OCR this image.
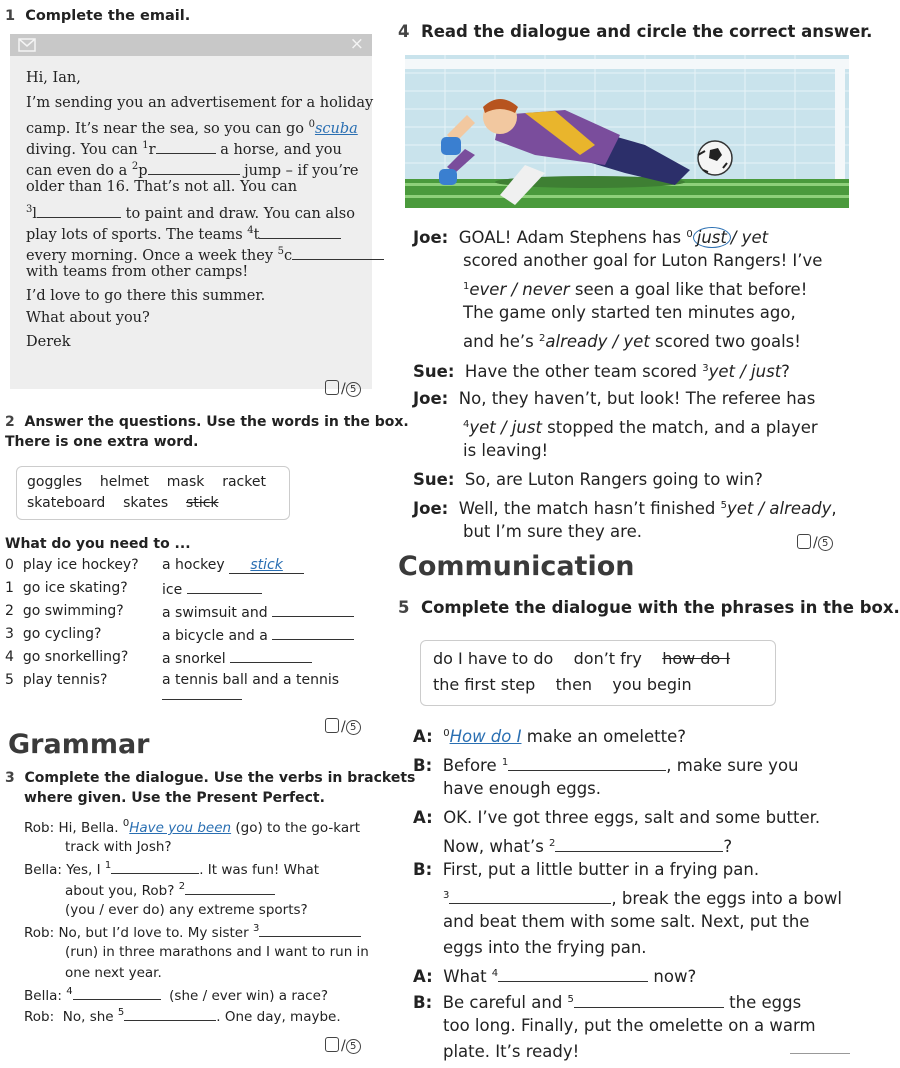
1 Complete the email.
×
Hi, Ian,
I’m sending you an advertisement for a holiday
camp. It’s near the sea, so you can go $^0$scuba
diving. You can $^1$r	a horse, and you
can even do a $^2$p	jump – if you’re
older than 16. That’s not all. You can
$^3$l	to paint and draw. You can also
play lots of sports. The teams $^4$t
every morning. Once a week they $^5$c
with teams from other camps!
I’d love to go there this summer.
What about you?
Derek
/ 5
2 Answer the questions. Use the words in the box.
There is one extra word.
goggles helmet mask racket
skateboard skates stick
What do you need to ...
0 play ice hockey? a hockey stick
1 go ice skating? ice
2 go swimming?	a swimsuit and
3 go cycling?	a bicycle and a
4 go snorkelling? a snorkel
5 play tennis?	a tennis ball and a tennis
/ 5
Grammar
3 Complete the dialogue. Use the verbs in brackets
where given. Use the Present Perfect.
Rob: Hi, Bella. $^0$Have you been (go) to the go-kart
track with Josh?
Bella: Yes, I $^1$	. It was fun! What
about you, Rob? $^2$
(you / ever do) any extreme sports?
Rob: No, but I’d love to. My sister $^3$
(run) in three marathons and I want to run in
one next year.
Bella: $^4$	(she / ever win) a race?
Rob: No, she $^5$	. One day, maybe.
/ 5
4 Read the dialogue and circle the correct answer.
Joe: GOAL! Adam Stephens has $^0$ just / yet
scored another goal for Luton Rangers! I’ve
$^1$ever / never seen a goal like that before!
The game only started ten minutes ago,
and he’s $^2$already / yet scored two goals!
Sue: Have the other team scored $^3$yet / just?
Joe: No, they haven’t, but look! The referee has
$^4$yet / just stopped the match, and a player
is leaving!
Sue: So, are Luton Rangers going to win?
Joe: Well, the match hasn’t finished $^5$yet / already,
but I’m sure they are.
/ 5
Communication
5 Complete the dialogue with the phrases in the box.
do I have to do don’t fry how do I
the first step then you begin
A: $^0$How do I make an omelette?
B: Before $^1$	, make sure you
have enough eggs.
A: OK. I’ve got three eggs, salt and some butter.
Now, what’s $^2$	?
B: First, put a little butter in a frying pan.
$^3$	, break the eggs into a bowl
and beat them with some salt. Next, put the
eggs into the frying pan.
A: What $^4$	now?
B: Be careful and $^5$	the eggs
too long. Finally, put the omelette on a warm
plate. It’s ready!
